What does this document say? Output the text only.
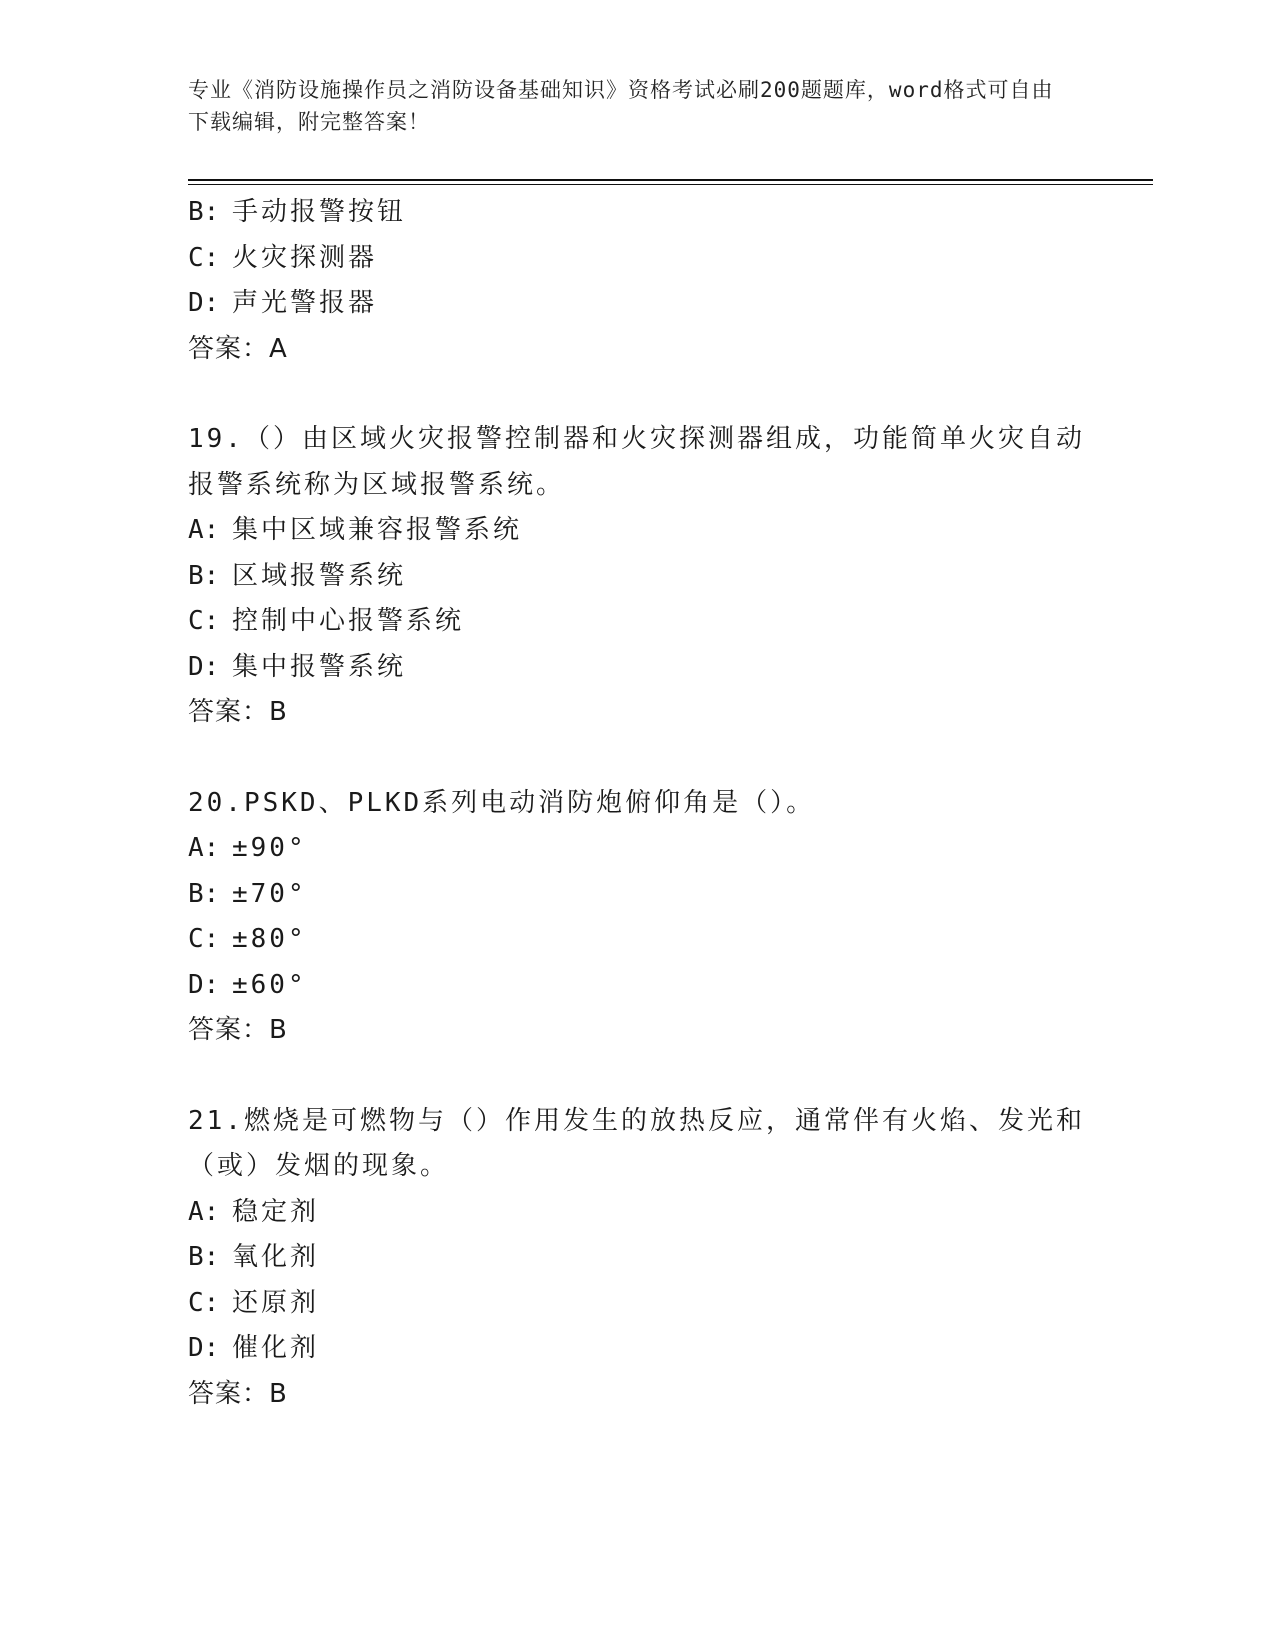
专业《消防设施操作员之消防设备基础知识》资格考试必刷200题题库，word格式可自由下载编辑，附完整答案！
B: 手动报警按钮
C: 火灾探测器
D: 声光警报器
答案：A
19.（）由区域火灾报警控制器和火灾探测器组成，功能简单火灾自动
报警系统称为区域报警系统。
A: 集中区域兼容报警系统
B: 区域报警系统
C: 控制中心报警系统
D: 集中报警系统
答案：B
20.PSKD、PLKD系列电动消防炮俯仰角是（）。
A: ±90°
B: ±70°
C: ±80°
D: ±60°
答案：B
21.燃烧是可燃物与（）作用发生的放热反应，通常伴有火焰、发光和
（或）发烟的现象。
A: 稳定剂
B: 氧化剂
C: 还原剂
D: 催化剂
答案：B
